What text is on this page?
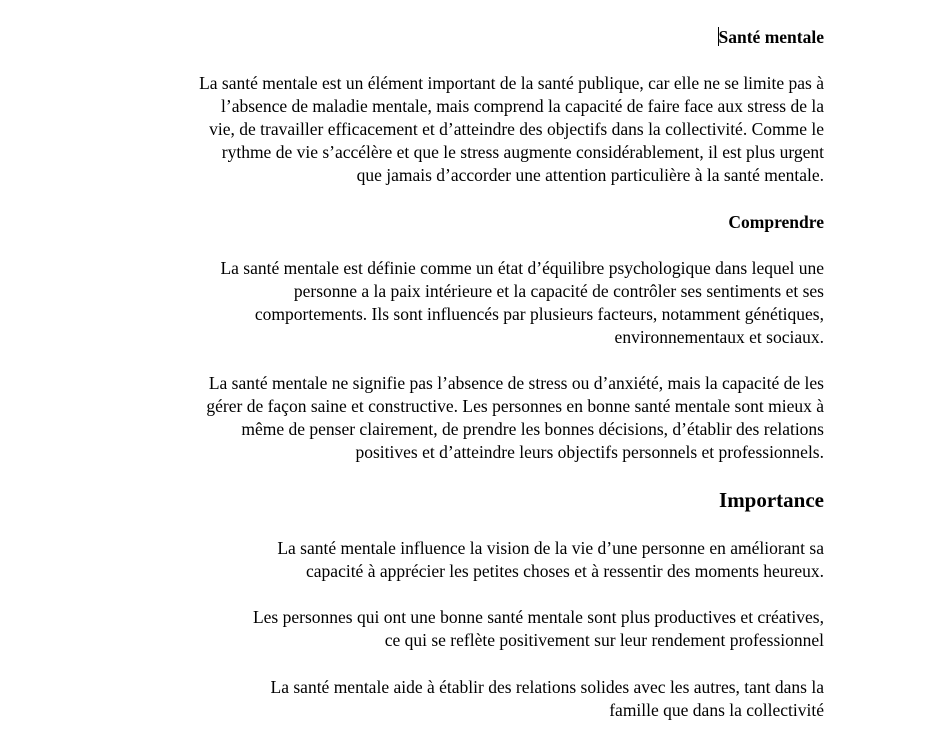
Santé mentale
La santé mentale est un élément important de la santé publique, car elle ne se limite pas à
l’absence de maladie mentale, mais comprend la capacité de faire face aux stress de la
vie, de travailler efficacement et d’atteindre des objectifs dans la collectivité. Comme le
rythme de vie s’accélère et que le stress augmente considérablement, il est plus urgent
que jamais d’accorder une attention particulière à la santé mentale.
Comprendre
La santé mentale est définie comme un état d’équilibre psychologique dans lequel une
personne a la paix intérieure et la capacité de contrôler ses sentiments et ses
comportements. Ils sont influencés par plusieurs facteurs, notamment génétiques,
environnementaux et sociaux.
La santé mentale ne signifie pas l’absence de stress ou d’anxiété, mais la capacité de les
gérer de façon saine et constructive. Les personnes en bonne santé mentale sont mieux à
même de penser clairement, de prendre les bonnes décisions, d’établir des relations
positives et d’atteindre leurs objectifs personnels et professionnels.
Importance
La santé mentale influence la vision de la vie d’une personne en améliorant sa
capacité à apprécier les petites choses et à ressentir des moments heureux.
Les personnes qui ont une bonne santé mentale sont plus productives et créatives,
ce qui se reflète positivement sur leur rendement professionnel
La santé mentale aide à établir des relations solides avec les autres, tant dans la
famille que dans la collectivité
